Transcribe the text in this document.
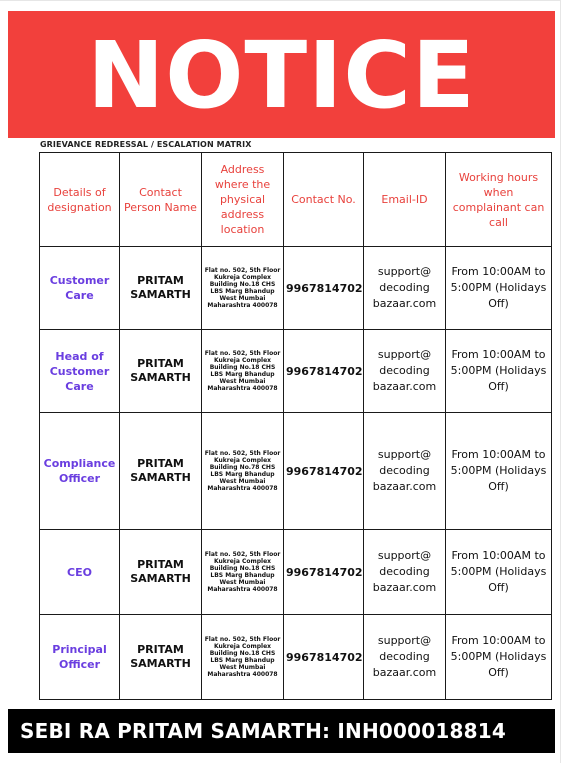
NOTICE
GRIEVANCE REDRESSAL / ESCALATION MATRIX
Details of designation	Contact Person Name	Address where the physical address location	Contact No.	Email-ID	Working hours when complainant can call
Customer Care	PRITAM SAMARTH	Flat no. 502, 5th Floor Kukreja Complex Building No.18 CHS LBS Marg Bhandup West Mumbai Maharashtra 400078	9967814702	support@ decoding bazaar.com	From 10:00AM to 5:00PM (Holidays Off)
Head of Customer Care	PRITAM SAMARTH	Flat no. 502, 5th Floor Kukreja Complex Building No.18 CHS LBS Marg Bhandup West Mumbai Maharashtra 400078	9967814702	support@ decoding bazaar.com	From 10:00AM to 5:00PM (Holidays Off)
Compliance Officer	PRITAM SAMARTH	Flat no. 502, 5th Floor Kukreja Complex Building No.78 CHS LBS Marg Bhandup West Mumbai Maharashtra 400078	9967814702	support@ decoding bazaar.com	From 10:00AM to 5:00PM (Holidays Off)
CEO	PRITAM SAMARTH	Flat no. 502, 5th Floor Kukreja Complex Building No.18 CHS LBS Marg Bhandup West Mumbai Maharashtra 400078	9967814702	support@ decoding bazaar.com	From 10:00AM to 5:00PM (Holidays Off)
Principal Officer	PRITAM SAMARTH	Flat no. 502, 5th Floor Kukreja Complex Building No.18 CHS LBS Marg Bhandup West Mumbai Maharashtra 400078	9967814702	support@ decoding bazaar.com	From 10:00AM to 5:00PM (Holidays Off)
SEBI RA PRITAM SAMARTH: INH000018814
